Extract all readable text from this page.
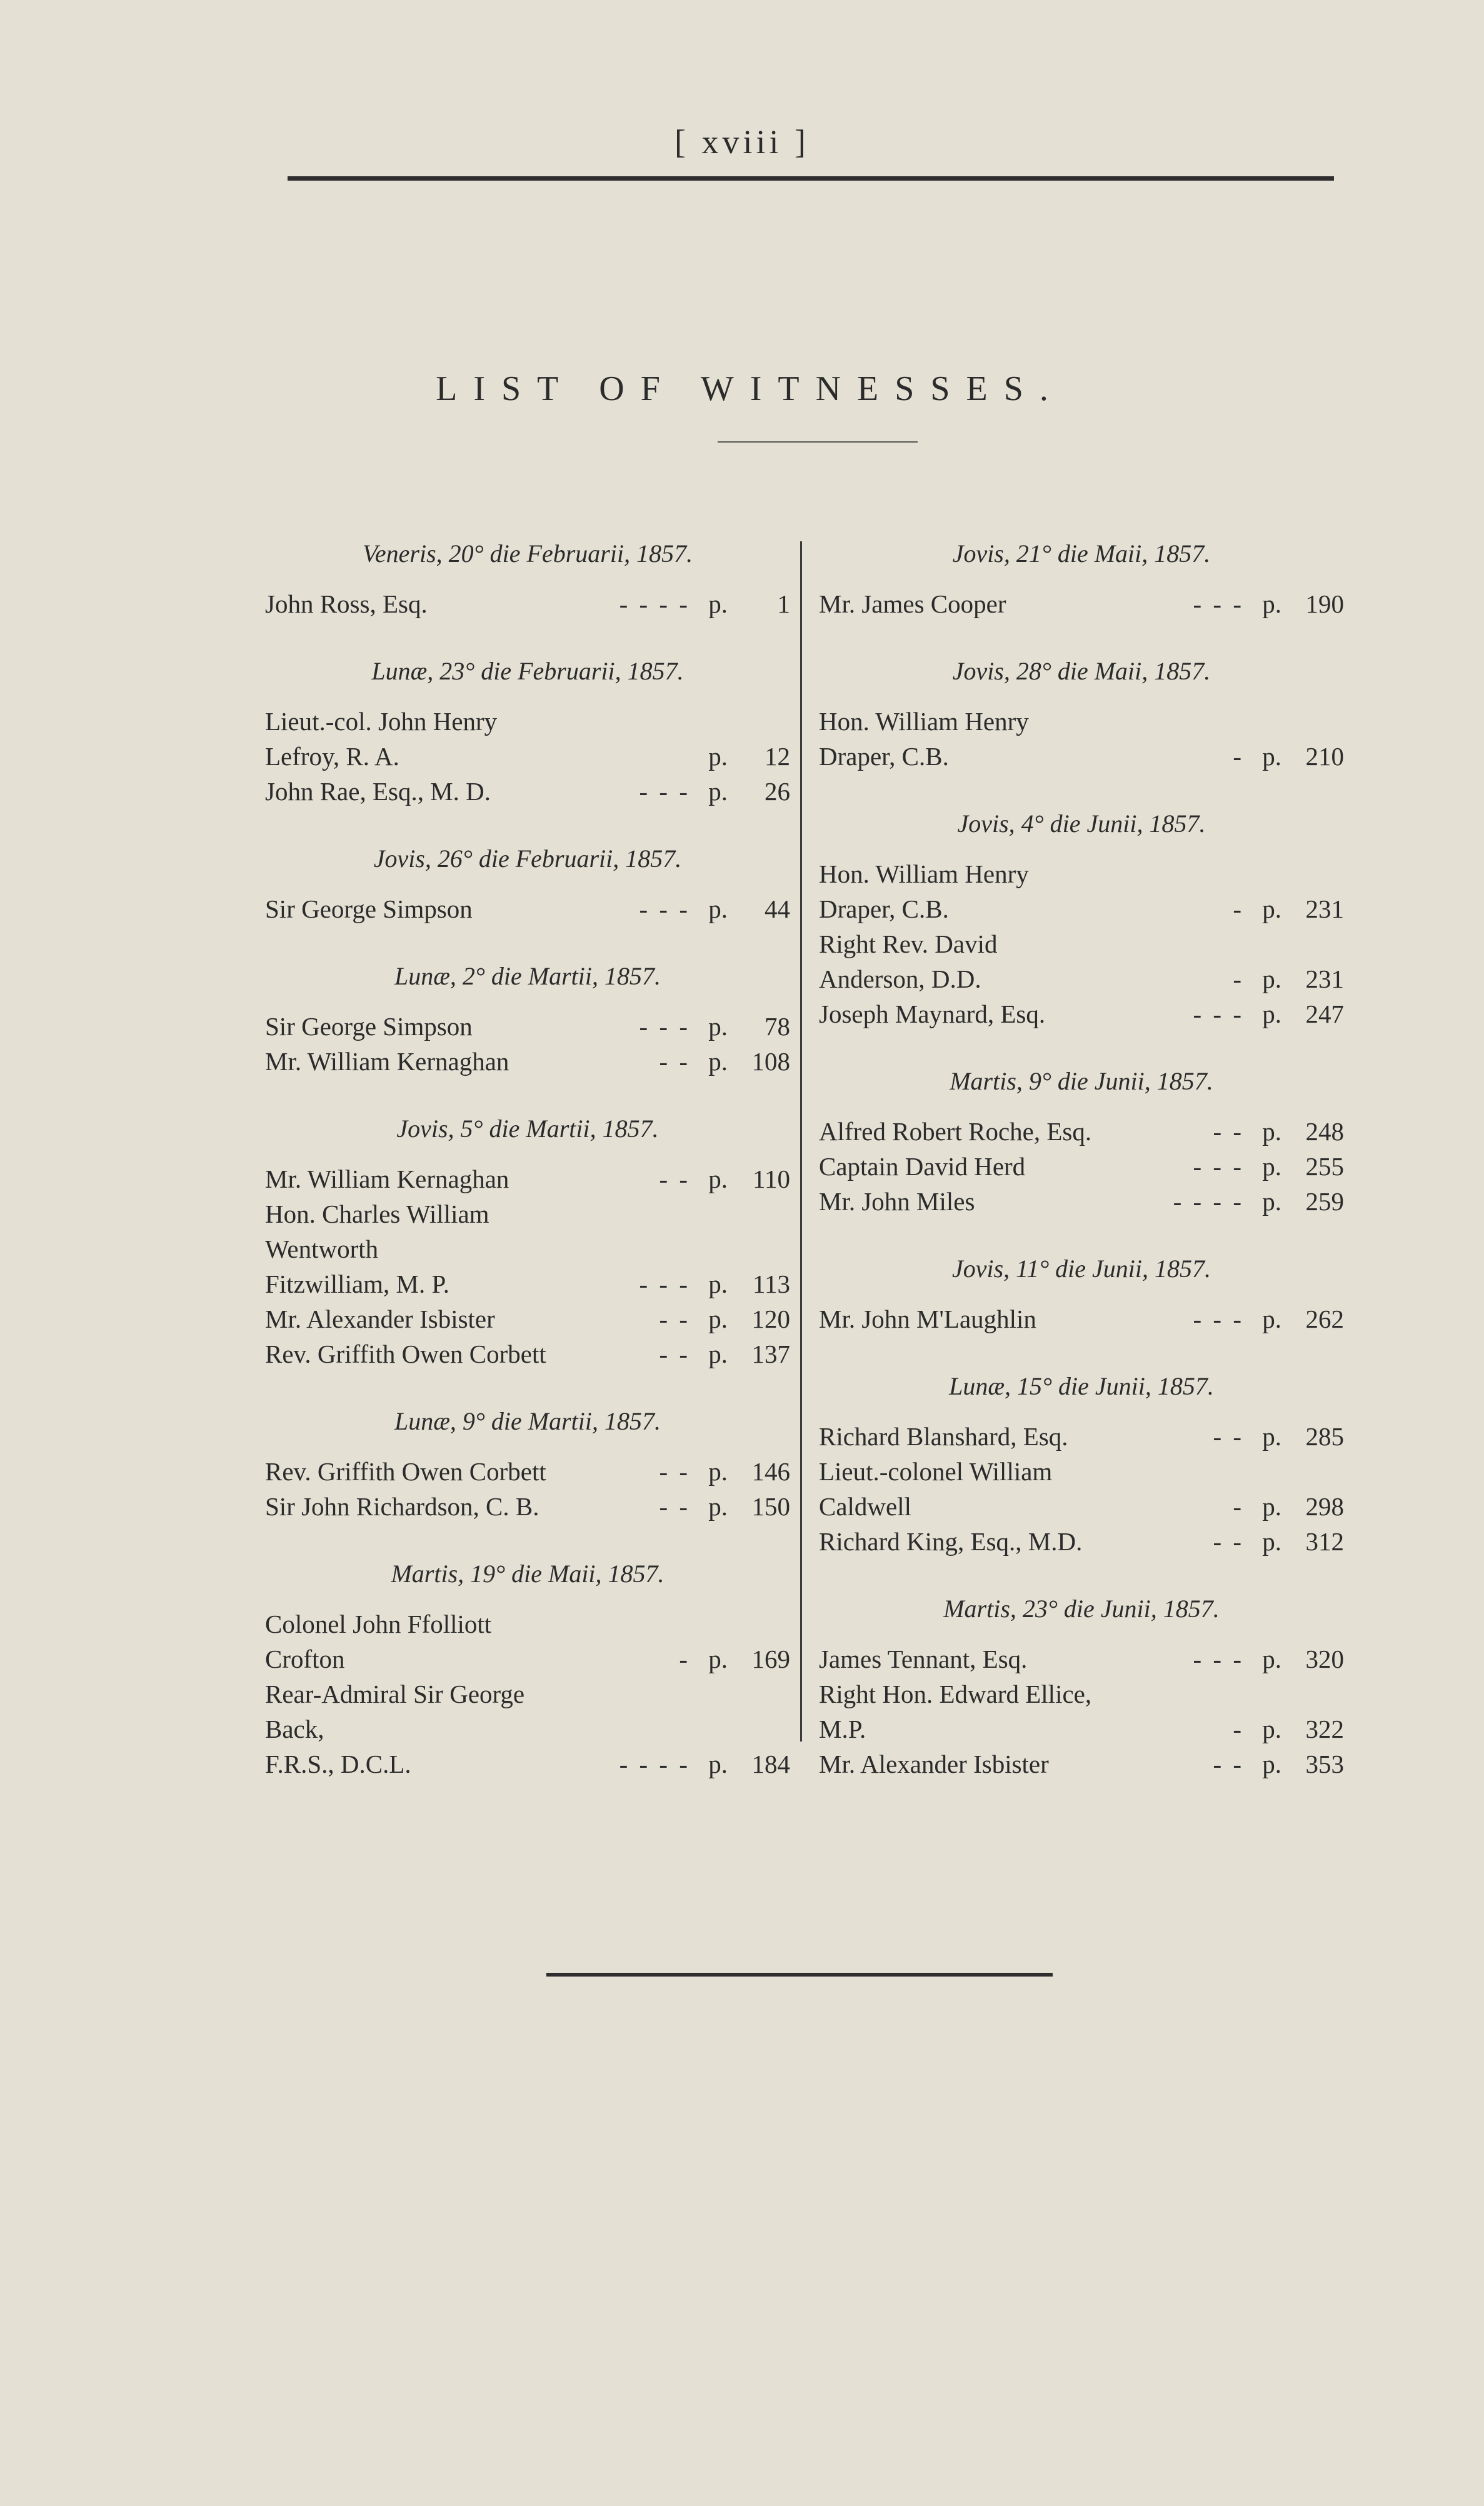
[ xviii ]
LIST OF WITNESSES.
Veneris, 20° die Februarii, 1857.
John Ross, Esq.	- - - - p.	1
Lunæ, 23° die Februarii, 1857.
Lieut.-col. John Henry Lefroy, R. A.	p.	12
John Rae, Esq., M. D.	- - - p.	26
Jovis, 26° die Februarii, 1857.
Sir George Simpson	- - - p.	44
Lunæ, 2° die Martii, 1857.
Sir George Simpson	- - - p.	78
Mr. William Kernaghan	- - p. 108
Jovis, 5° die Martii, 1857.
Mr. William Kernaghan	- - p. 110
Hon. Charles William Wentworth
Fitzwilliam, M. P.	- - - p. 113
Mr. Alexander Isbister	- - p. 120
Rev. Griffith Owen Corbett	- - p. 137
Lunæ, 9° die Martii, 1857.
Rev. Griffith Owen Corbett	- - p. 146
Sir John Richardson, C. B.	- - p. 150
Martis, 19° die Maii, 1857.
Colonel John Ffolliott Crofton	- p. 169
Rear-Admiral Sir George Back,
F.R.S., D.C.L.	- - - - p. 184
Jovis, 21° die Maii, 1857.
Mr. James Cooper	- - - p. 190
Jovis, 28° die Maii, 1857.
Hon. William Henry Draper, C.B.	- p. 210
Jovis, 4° die Junii, 1857.
Hon. William Henry Draper, C.B.	- p. 231
Right Rev. David Anderson, D.D.	- p. 231
Joseph Maynard, Esq.	- - - p. 247
Martis, 9° die Junii, 1857.
Alfred Robert Roche, Esq.	- - p. 248
Captain David Herd	- - - p. 255
Mr. John Miles	- - - - p. 259
Jovis, 11° die Junii, 1857.
Mr. John M'Laughlin	- - - p. 262
Lunæ, 15° die Junii, 1857.
Richard Blanshard, Esq.	- - p. 285
Lieut.-colonel William Caldwell	- p. 298
Richard King, Esq., M.D.	- - p. 312
Martis, 23° die Junii, 1857.
James Tennant, Esq.	- - - p. 320
Right Hon. Edward Ellice, M.P.	- p. 322
Mr. Alexander Isbister	- - p. 353
